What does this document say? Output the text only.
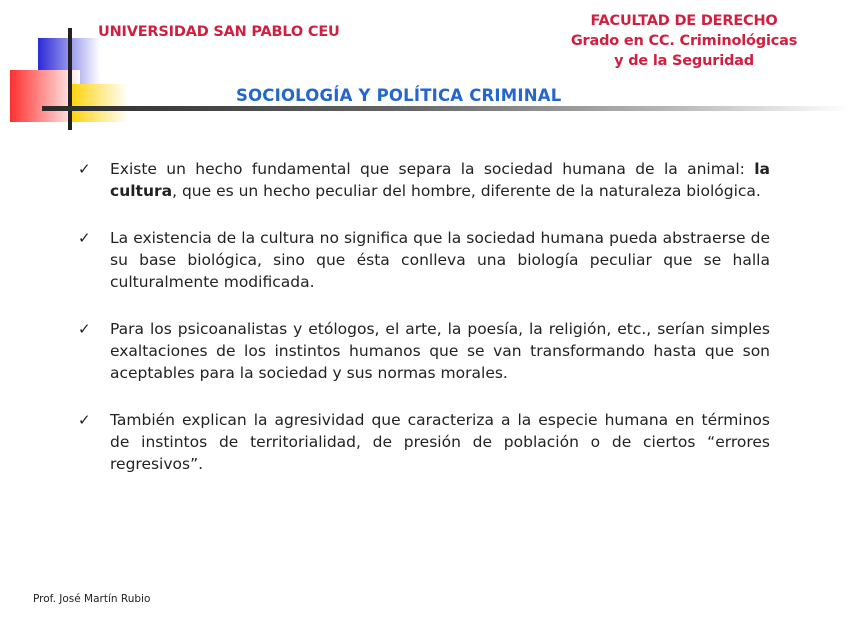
UNIVERSIDAD SAN PABLO CEU
FACULTAD DE DERECHO
Grado en CC. Criminológicas
y de la Seguridad
SOCIOLOGÍA Y POLÍTICA CRIMINAL
✓	Existe un hecho fundamental que separa la sociedad humana de la animal: la cultura, que es un hecho peculiar del hombre, diferente de la naturaleza biológica.
✓	La existencia de la cultura no significa que la sociedad humana pueda abstraerse de su base biológica, sino que ésta conlleva una biología peculiar que se halla culturalmente modificada.
✓	Para los psicoanalistas y etólogos, el arte, la poesía, la religión, etc., serían simples exaltaciones de los instintos humanos que se van transformando hasta que son aceptables para la sociedad y sus normas morales.
✓	También explican la agresividad que caracteriza a la especie humana en términos de instintos de territorialidad, de presión de población o de ciertos “errores regresivos”.
Prof. José Martín Rubio
